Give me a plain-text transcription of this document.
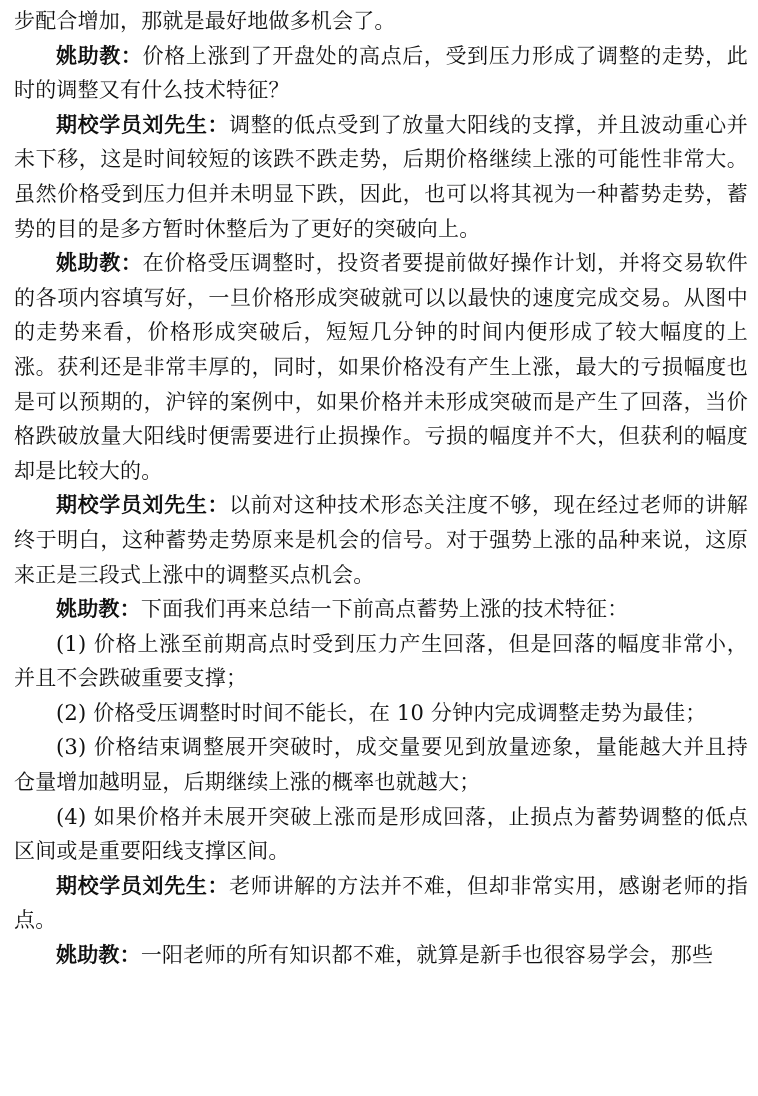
步配合增加，那就是最好地做多机会了。

姚助教：价格上涨到了开盘处的高点后，受到压力形成了调整的走势，此时的调整又有什么技术特征？

期校学员刘先生：调整的低点受到了放量大阳线的支撑，并且波动重心并未下移，这是时间较短的该跌不跌走势，后期价格继续上涨的可能性非常大。虽然价格受到压力但并未明显下跌，因此，也可以将其视为一种蓄势走势，蓄势的目的是多方暂时休整后为了更好的突破向上。

姚助教：在价格受压调整时，投资者要提前做好操作计划，并将交易软件的各项内容填写好，一旦价格形成突破就可以以最快的速度完成交易。从图中的走势来看，价格形成突破后，短短几分钟的时间内便形成了较大幅度的上涨。获利还是非常丰厚的，同时，如果价格没有产生上涨，最大的亏损幅度也是可以预期的，沪锌的案例中，如果价格并未形成突破而是产生了回落，当价格跌破放量大阳线时便需要进行止损操作。亏损的幅度并不大，但获利的幅度却是比较大的。

期校学员刘先生：以前对这种技术形态关注度不够，现在经过老师的讲解终于明白，这种蓄势走势原来是机会的信号。对于强势上涨的品种来说，这原来正是三段式上涨中的调整买点机会。

姚助教：下面我们再来总结一下前高点蓄势上涨的技术特征：

(1) 价格上涨至前期高点时受到压力产生回落，但是回落的幅度非常小，并且不会跌破重要支撑；

(2) 价格受压调整时时间不能长，在 10 分钟内完成调整走势为最佳；

(3) 价格结束调整展开突破时，成交量要见到放量迹象，量能越大并且持仓量增加越明显，后期继续上涨的概率也就越大；

(4) 如果价格并未展开突破上涨而是形成回落，止损点为蓄势调整的低点区间或是重要阳线支撑区间。

期校学员刘先生：老师讲解的方法并不难，但却非常实用，感谢老师的指点。

姚助教：一阳老师的所有知识都不难，就算是新手也很容易学会，那些
